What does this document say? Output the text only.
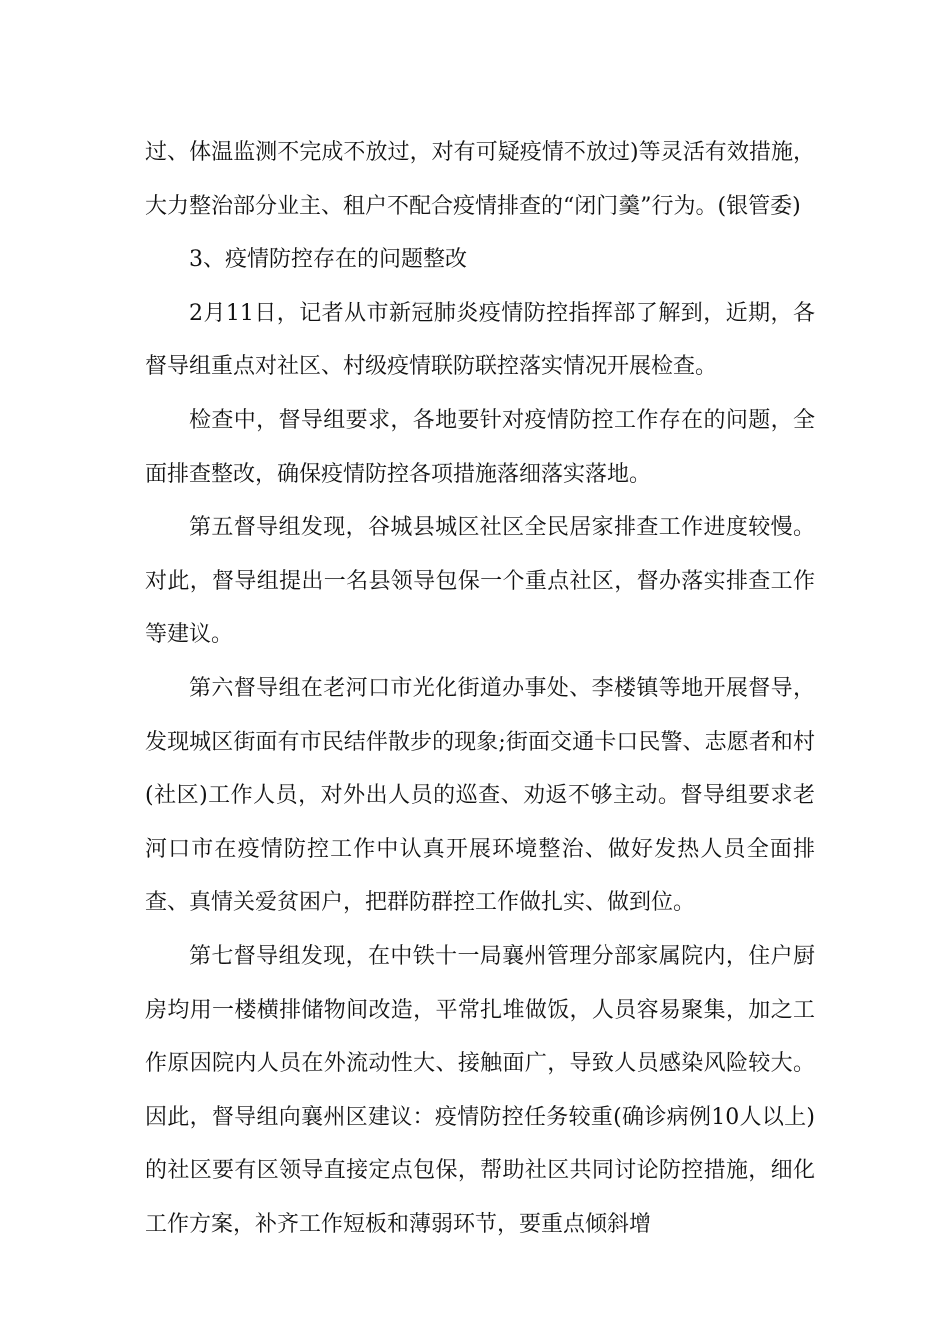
过、体温监测不完成不放过，对有可疑疫情不放过)等灵活有效措施，大力整治部分业主、租户不配合疫情排查的“闭门羹”行为。(银管委)

3、疫情防控存在的问题整改

2月11日，记者从市新冠肺炎疫情防控指挥部了解到，近期，各督导组重点对社区、村级疫情联防联控落实情况开展检查。

检查中，督导组要求，各地要针对疫情防控工作存在的问题，全面排查整改，确保疫情防控各项措施落细落实落地。

第五督导组发现，谷城县城区社区全民居家排查工作进度较慢。对此，督导组提出一名县领导包保一个重点社区，督办落实排查工作等建议。

第六督导组在老河口市光化街道办事处、李楼镇等地开展督导，发现城区街面有市民结伴散步的现象;街面交通卡口民警、志愿者和村(社区)工作人员，对外出人员的巡查、劝返不够主动。督导组要求老河口市在疫情防控工作中认真开展环境整治、做好发热人员全面排查、真情关爱贫困户，把群防群控工作做扎实、做到位。

第七督导组发现，在中铁十一局襄州管理分部家属院内，住户厨房均用一楼横排储物间改造，平常扎堆做饭，人员容易聚集，加之工作原因院内人员在外流动性大、接触面广，导致人员感染风险较大。因此，督导组向襄州区建议：疫情防控任务较重(确诊病例10人以上)的社区要有区领导直接定点包保，帮助社区共同讨论防控措施，细化工作方案，补齐工作短板和薄弱环节，要重点倾斜增
